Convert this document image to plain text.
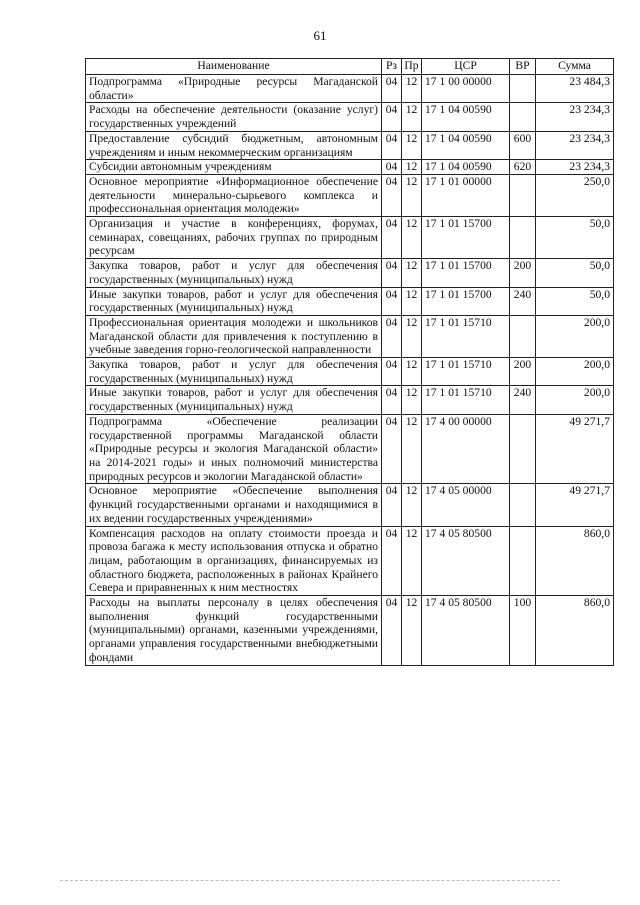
61
Наименование	Рз	Пр	ЦСР	ВР	Сумма
Подпрограмма «Природные ресурсы Магаданской области»	04	12	17 1 00 00000		23 484,3
Расходы на обеспечение деятельности (оказание услуг) государственных учреждений	04	12	17 1 04 00590		23 234,3
Предоставление субсидий бюджетным, автономным учреждениям и иным некоммерческим организациям	04	12	17 1 04 00590	600	23 234,3
Субсидии автономным учреждениям	04	12	17 1 04 00590	620	23 234,3
Основное мероприятие «Информационное обеспечение деятельности минерально-сырьевого комплекса и профессиональная ориентация молодежи»	04	12	17 1 01 00000		250,0
Организация и участие в конференциях, форумах, семинарах, совещаниях, рабочих группах по природным ресурсам	04	12	17 1 01 15700		50,0
Закупка товаров, работ и услуг для обеспечения государственных (муниципальных) нужд	04	12	17 1 01 15700	200	50,0
Иные закупки товаров, работ и услуг для обеспечения государственных (муниципальных) нужд	04	12	17 1 01 15700	240	50,0
Профессиональная ориентация молодежи и школьников Магаданской области для привлечения к поступлению в учебные заведения горно-геологической направленности	04	12	17 1 01 15710		200,0
Закупка товаров, работ и услуг для обеспечения государственных (муниципальных) нужд	04	12	17 1 01 15710	200	200,0
Иные закупки товаров, работ и услуг для обеспечения государственных (муниципальных) нужд	04	12	17 1 01 15710	240	200,0
Подпрограмма «Обеспечение реализации государственной программы Магаданской области «Природные ресурсы и экология Магаданской области» на 2014-2021 годы» и иных полномочий министерства природных ресурсов и экологии Магаданской области»	04	12	17 4 00 00000		49 271,7
Основное мероприятие «Обеспечение выполнения функций государственными органами и находящимися в их ведении государственных учреждениями»	04	12	17 4 05 00000		49 271,7
Компенсация расходов на оплату стоимости проезда и провоза багажа к месту использования отпуска и обратно лицам, работающим в организациях, финансируемых из областного бюджета, расположенных в районах Крайнего Севера и приравненных к ним местностях	04	12	17 4 05 80500		860,0
Расходы на выплаты персоналу в целях обеспечения выполнения функций государственными (муниципальными) органами, казенными учреждениями, органами управления государственными внебюджетными фондами	04	12	17 4 05 80500	100	860,0
